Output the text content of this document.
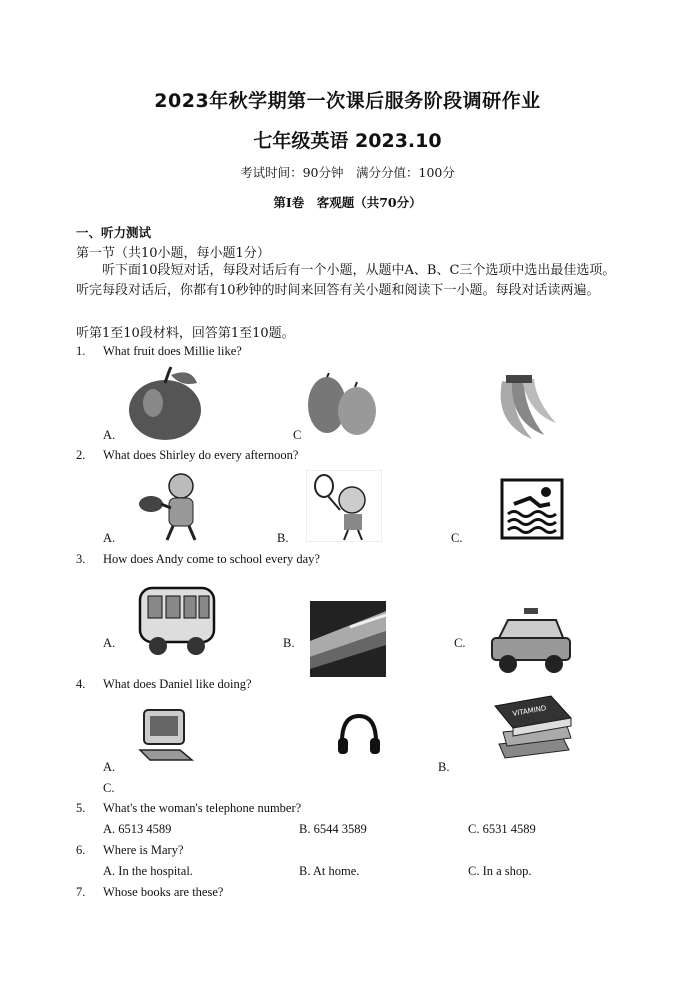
2023年秋学期第一次课后服务阶段调研作业
七年级英语 2023.10
考试时间：90分钟　满分分值：100分
第Ⅰ卷　客观题（共70分）
一、听力测试
第一节（共10小题，每小题1分）
听下面10段短对话，每段对话后有一个小题，从题中A、B、C三个选项中选出最佳选项。听完每段对话后，你都有10秒钟的时间来回答有关小题和阅读下一小题。每段对话读两遍。
听第1至10段材料，回答第1至10题。
1. What fruit does Millie like?
A.	C
2. What does Shirley do every afternoon?
A.	B.	C.
3. How does Andy come to school every day?
A.	B.	C.
4. What does Daniel like doing?
A.	B.
C.
VITAMIND
5. What's the woman's telephone number?
A. 6513 4589	B. 6544 3589	C. 6531 4589
6. Where is Mary?
A. In the hospital.	B. At home.	C. In a shop.
7. Whose books are these?
